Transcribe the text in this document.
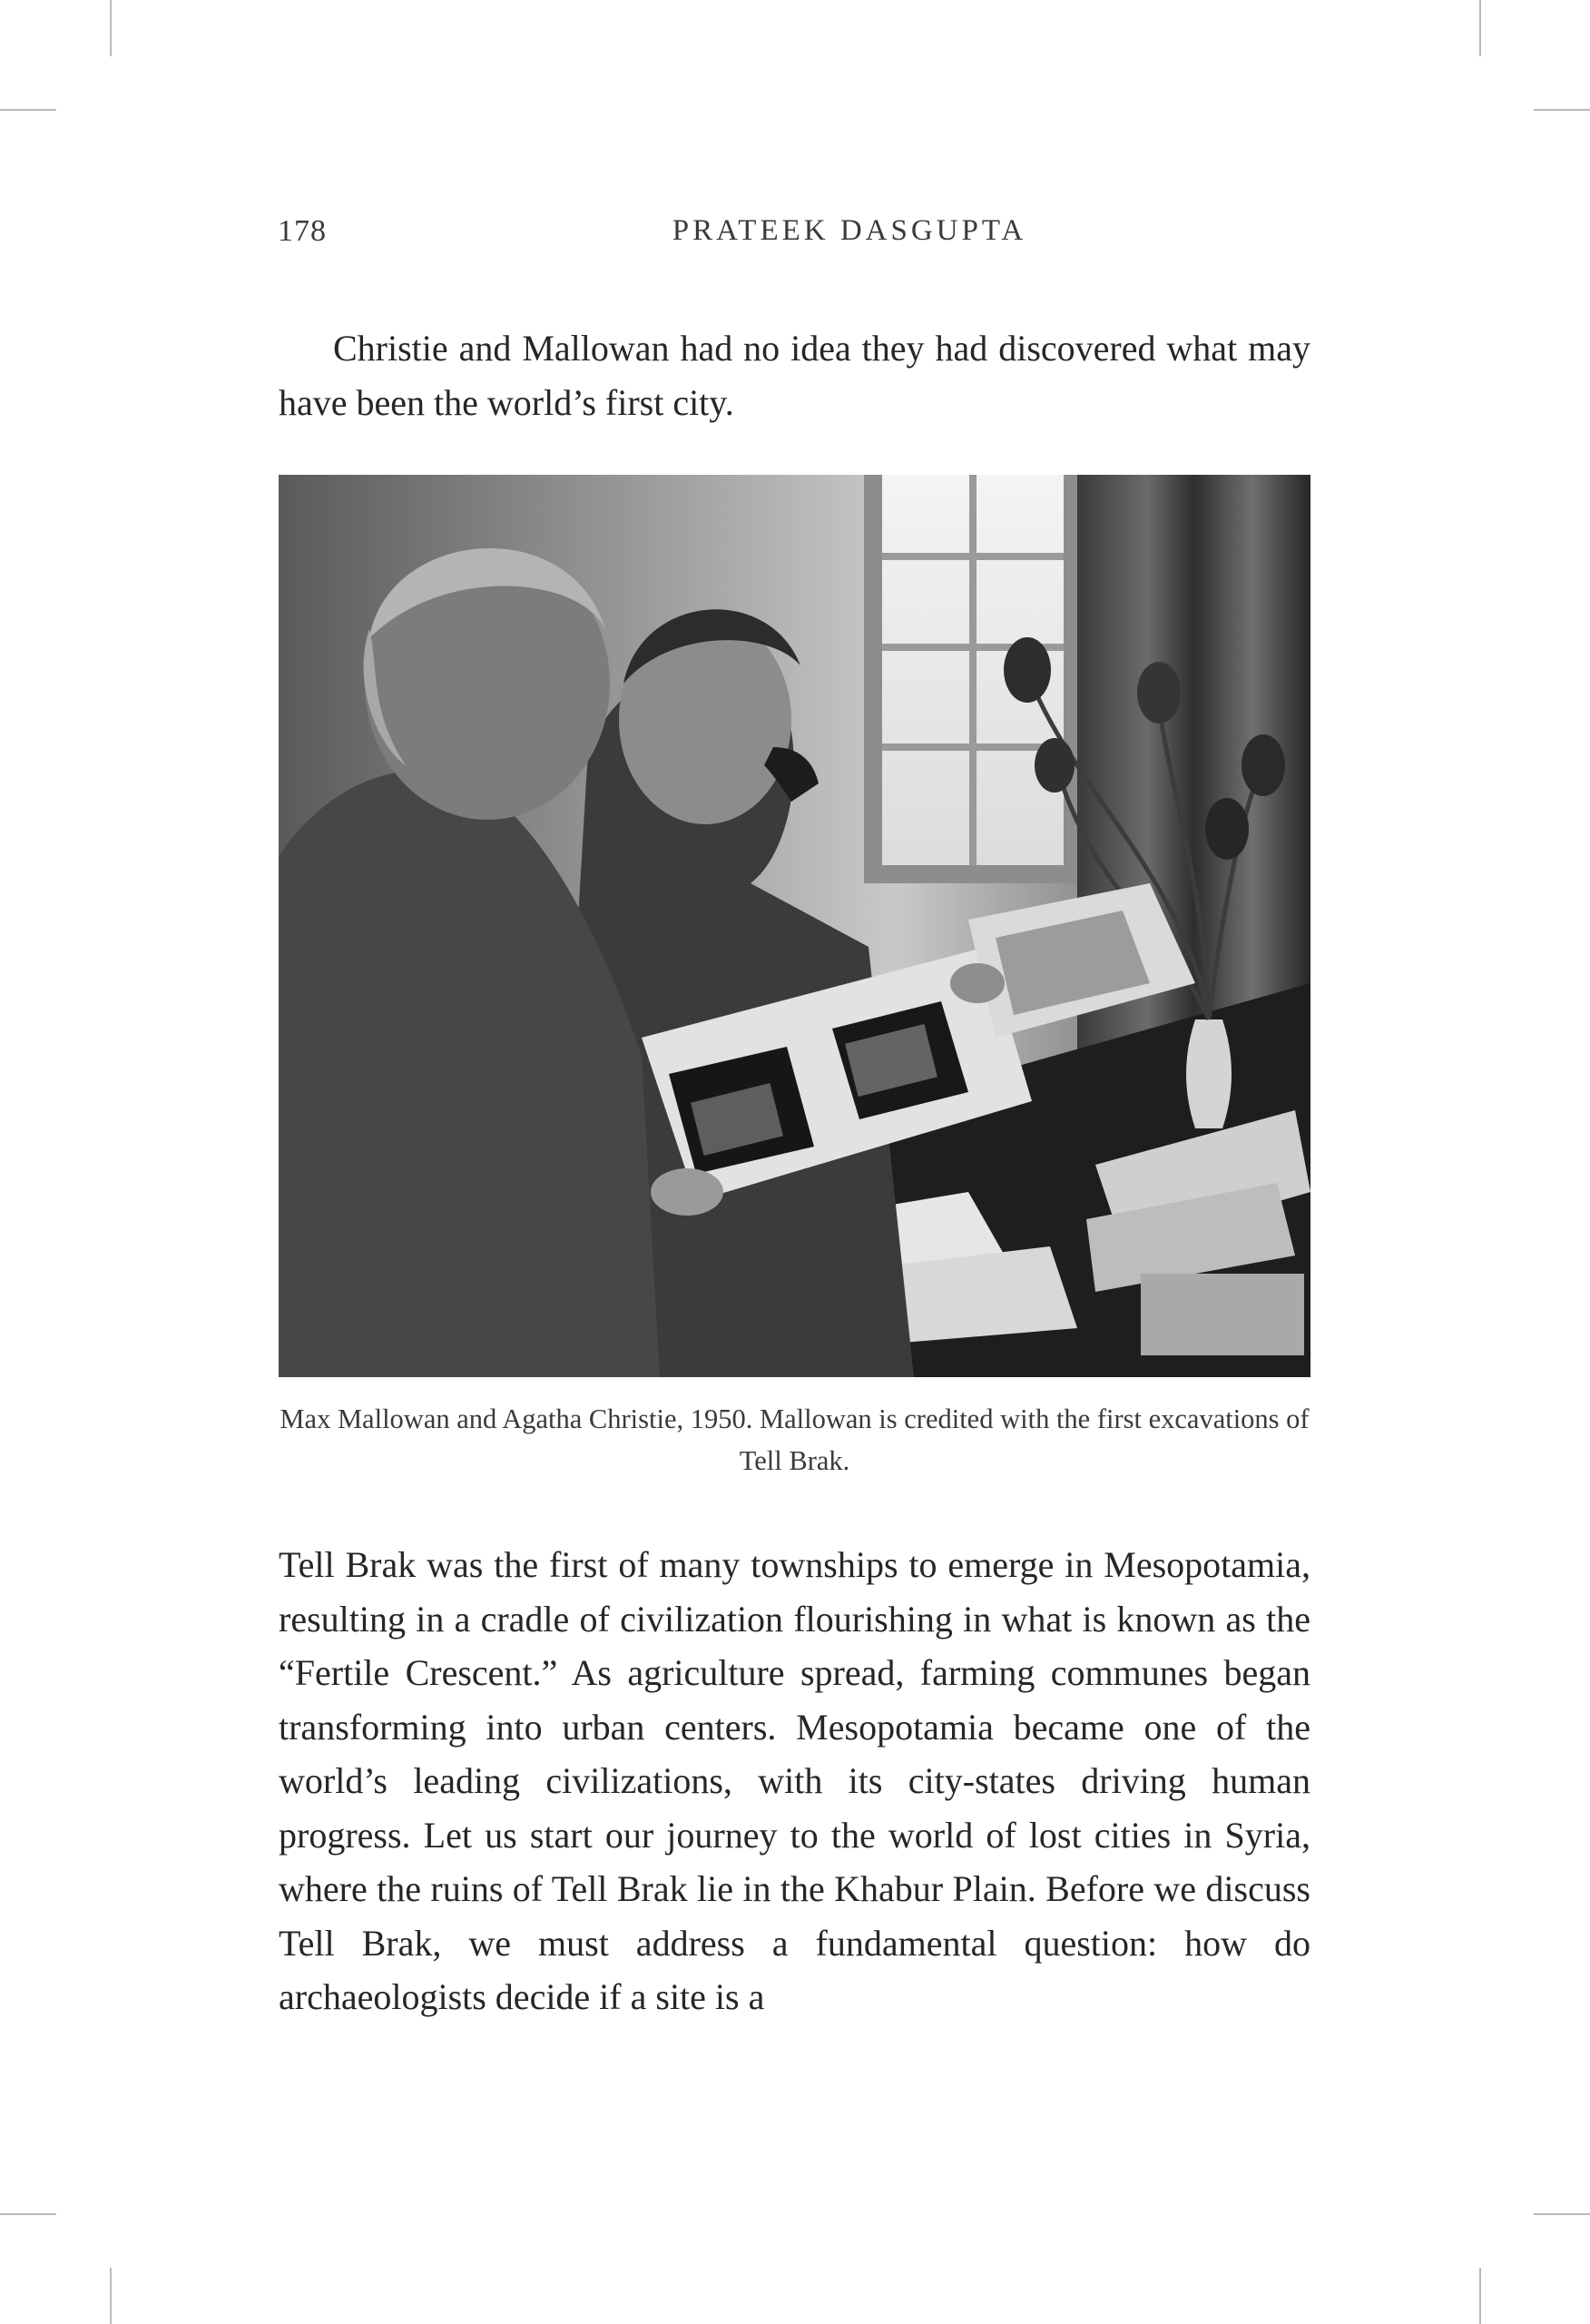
178	PRATEEK DASGUPTA

Christie and Mallowan had no idea they had discovered what may have been the world’s first city.

Max Mallowan and Agatha Christie, 1950. Mallowan is credited with the first excavations of Tell Brak.

Tell Brak was the first of many townships to emerge in Mesopotamia, resulting in a cradle of civilization flourishing in what is known as the “Fertile Crescent.” As agriculture spread, farming communes began transforming into urban centers. Mesopotamia became one of the world’s leading civilizations, with its city-states driving human progress. Let us start our journey to the world of lost cities in Syria, where the ruins of Tell Brak lie in the Khabur Plain. Before we discuss Tell Brak, we must address a fundamental question: how do archaeologists decide if a site is a
